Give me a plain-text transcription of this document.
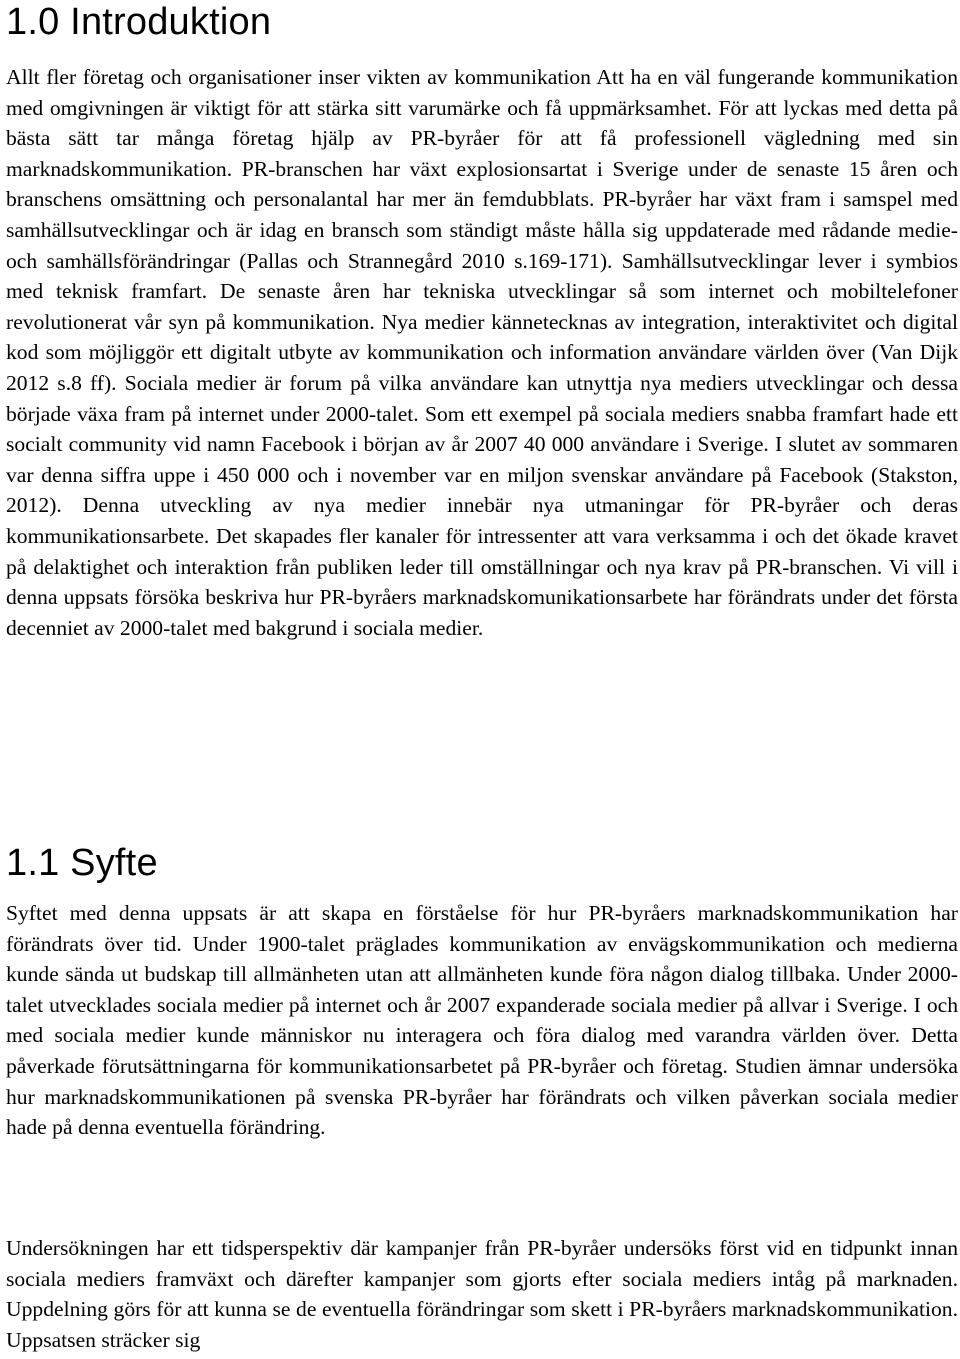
1.0 Introduktion

Allt fler företag och organisationer inser vikten av kommunikation Att ha en väl fungerande kommunikation med omgivningen är viktigt för att stärka sitt varumärke och få uppmärksamhet. För att lyckas med detta på bästa sätt tar många företag hjälp av PR-byråer för att få professionell vägledning med sin marknadskommunikation. PR-branschen har växt explosionsartat i Sverige under de senaste 15 åren och branschens omsättning och personalantal har mer än femdubblats. PR-byråer har växt fram i samspel med samhällsutvecklingar och är idag en bransch som ständigt måste hålla sig uppdaterade med rådande medie- och samhällsförändringar (Pallas och Strannegård 2010 s.169-171). Samhällsutvecklingar lever i symbios med teknisk framfart. De senaste åren har tekniska utvecklingar så som internet och mobiltelefoner revolutionerat vår syn på kommunikation. Nya medier kännetecknas av integration, interaktivitet och digital kod som möjliggör ett digitalt utbyte av kommunikation och information användare världen över (Van Dijk 2012 s.8 ff). Sociala medier är forum på vilka användare kan utnyttja nya mediers utvecklingar och dessa började växa fram på internet under 2000-talet. Som ett exempel på sociala mediers snabba framfart hade ett socialt community vid namn Facebook i början av år 2007 40 000 användare i Sverige. I slutet av sommaren var denna siffra uppe i 450 000 och i november var en miljon svenskar användare på Facebook (Stakston, 2012). Denna utveckling av nya medier innebär nya utmaningar för PR-byråer och deras kommunikationsarbete. Det skapades fler kanaler för intressenter att vara verksamma i och det ökade kravet på delaktighet och interaktion från publiken leder till omställningar och nya krav på PR-branschen. Vi vill i denna uppsats försöka beskriva hur PR-byråers marknadskomunikationsarbete har förändrats under det första decenniet av 2000-talet med bakgrund i sociala medier.

1.1 Syfte

Syftet med denna uppsats är att skapa en förståelse för hur PR-byråers marknadskommunikation har förändrats över tid. Under 1900-talet präglades kommunikation av envägskommunikation och medierna kunde sända ut budskap till allmänheten utan att allmänheten kunde föra någon dialog tillbaka. Under 2000-talet utvecklades sociala medier på internet och år 2007 expanderade sociala medier på allvar i Sverige. I och med sociala medier kunde människor nu interagera och föra dialog med varandra världen över. Detta påverkade förutsättningarna för kommunikationsarbetet på PR-byråer och företag. Studien ämnar undersöka hur marknadskommunikationen på svenska PR-byråer har förändrats och vilken påverkan sociala medier hade på denna eventuella förändring.

Undersökningen har ett tidsperspektiv där kampanjer från PR-byråer undersöks först vid en tidpunkt innan sociala mediers framväxt och därefter kampanjer som gjorts efter sociala mediers intåg på marknaden. Uppdelning görs för att kunna se de eventuella förändringar som skett i PR-byråers marknadskommunikation. Uppsatsen sträcker sig
